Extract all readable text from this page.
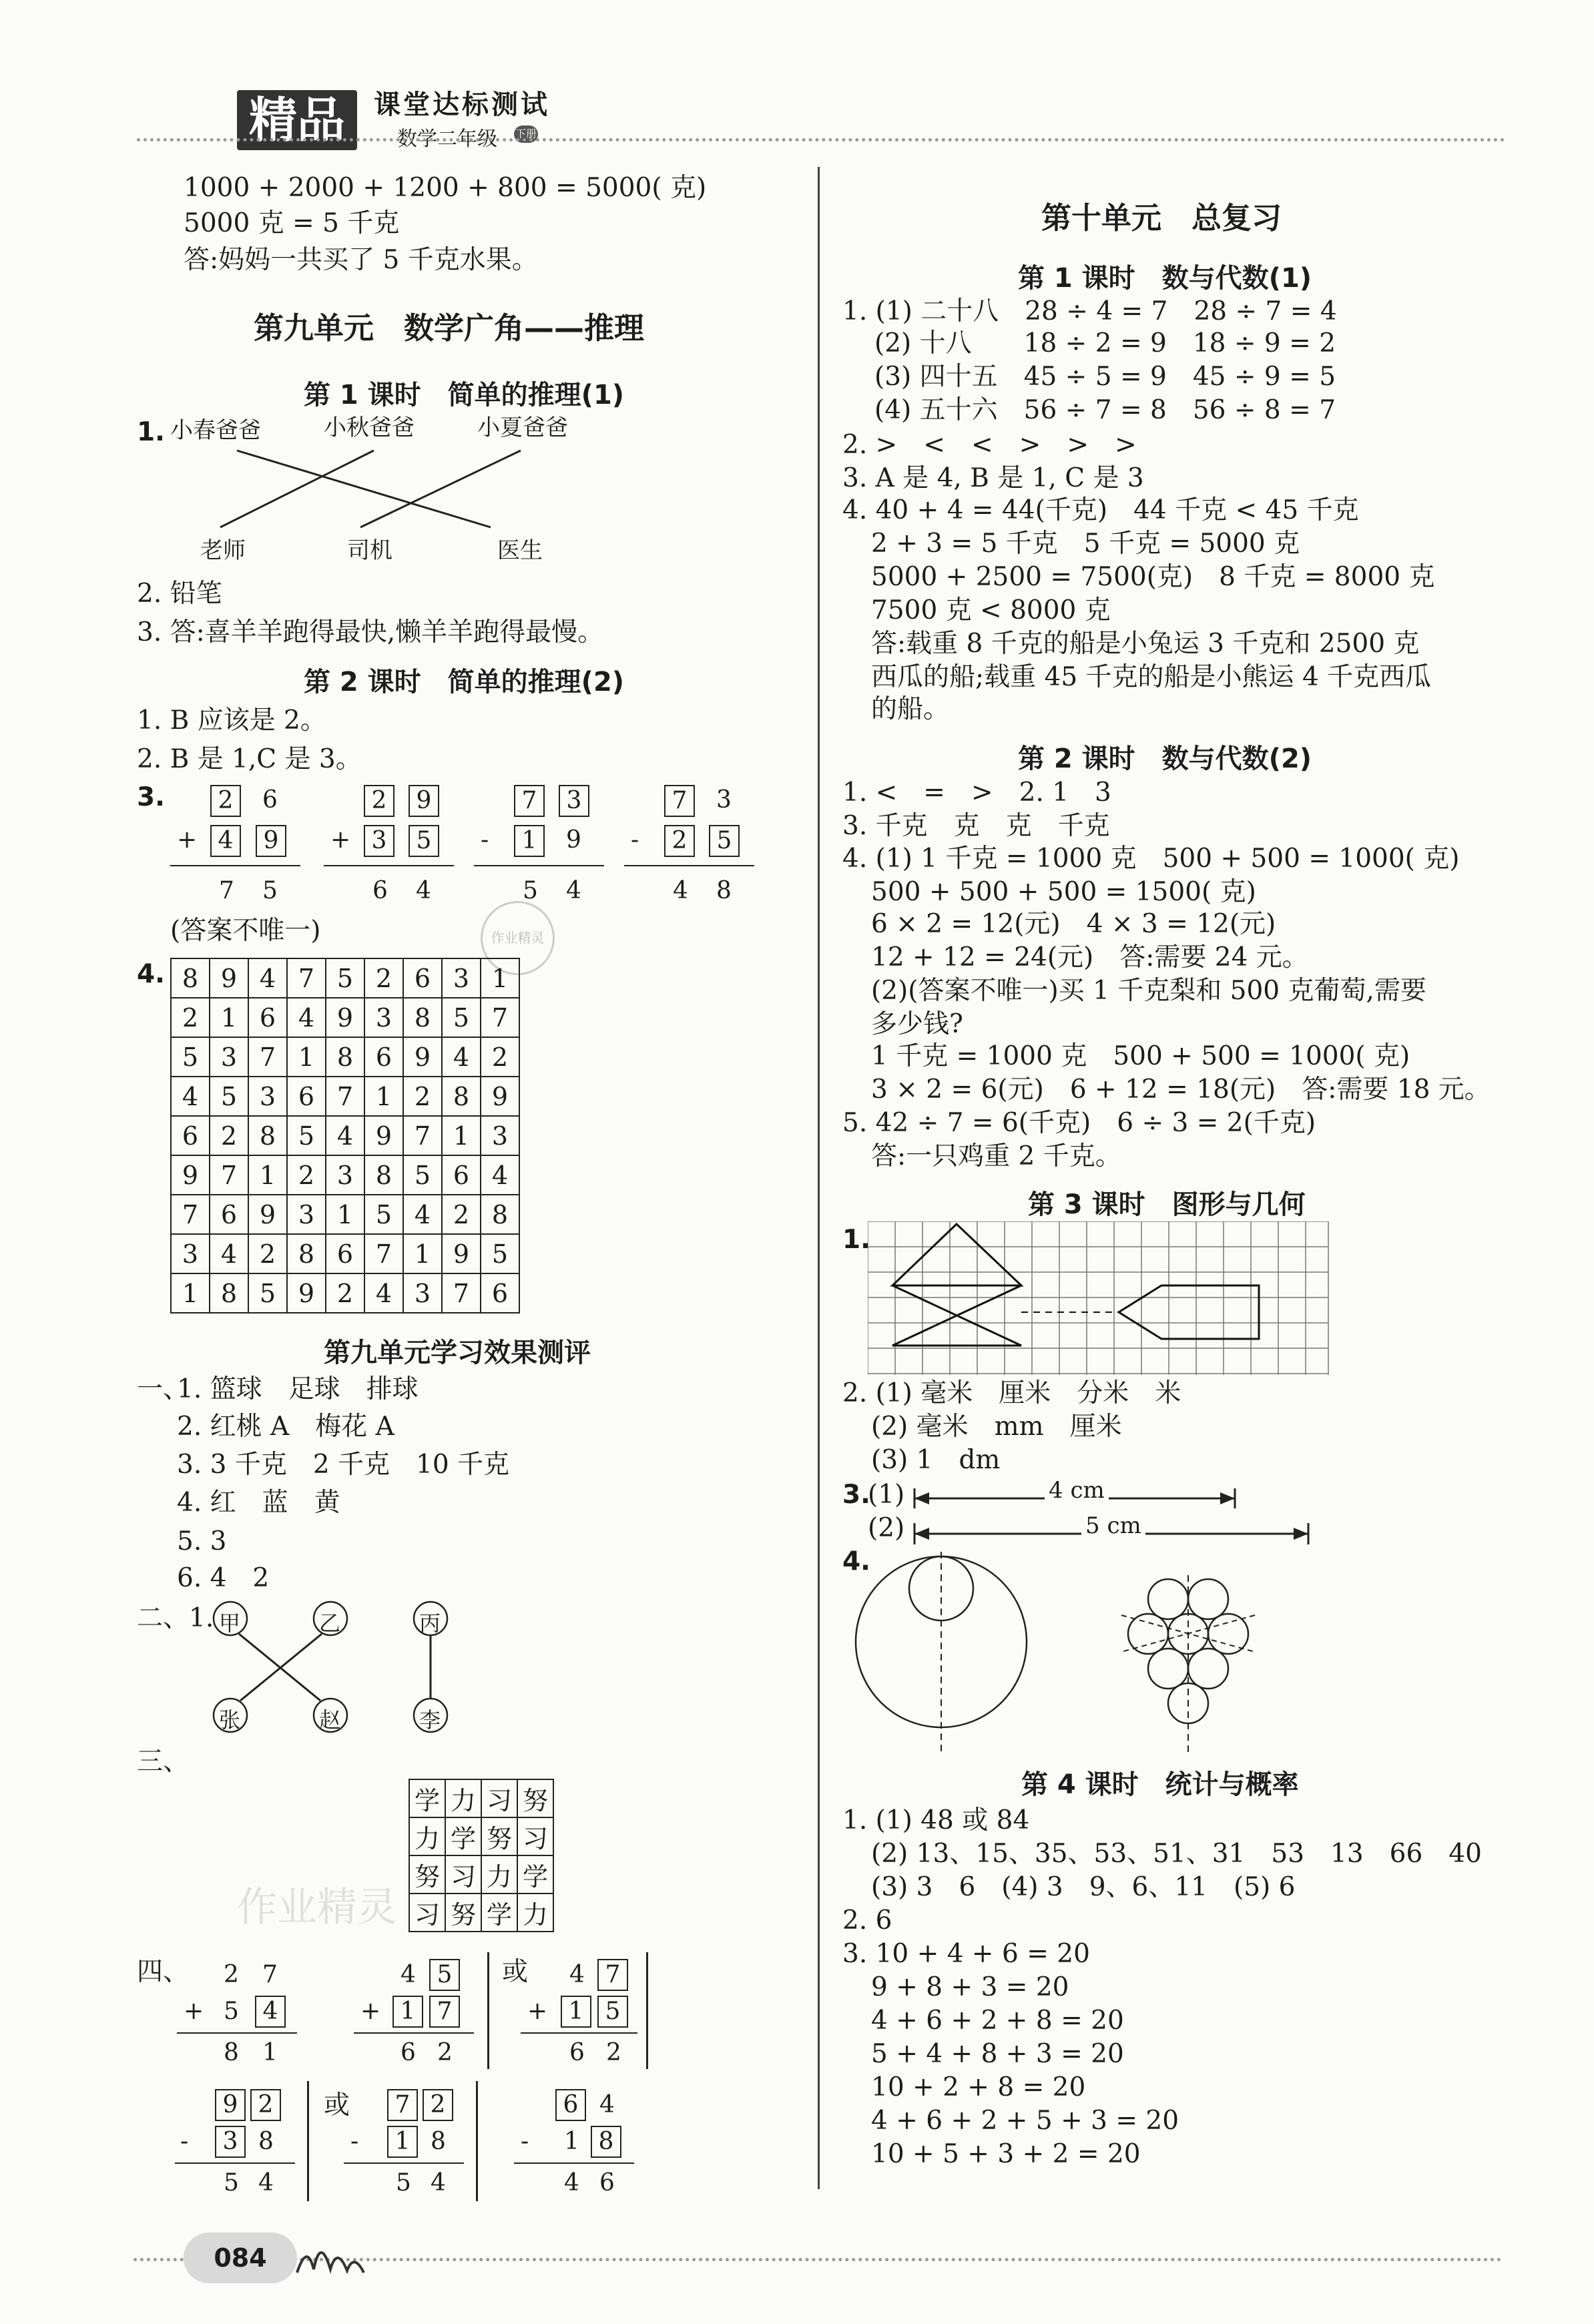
精品	课堂达标测试
数学二年级 下册
1000 + 2000 + 1200 + 800 = 5000( 克)
5000 克 = 5 千克
答:妈妈一共买了 5 千克水果。
第九单元　数学广角——推理
第 1 课时　简单的推理(1)
1. 小春爸爸	小秋爸爸	小夏爸爸
老师	司机	医生
2. 铅笔
3. 答:喜羊羊跑得最快,懒羊羊跑得最慢。
第 2 课时　简单的推理(2)
1. B 应该是 2。
2. B 是 1,C 是 3。
3.	2	6
+ 4	9
7 5
2	9
+ 3	5
6 4
7	3
-	1	9
5 4
7	3
-	2	5
4 8
(答案不唯一)	作业精灵
4. 8	9	4	7	5	2	6	3	1
2	1	6	4	9	3	8	5	7
5	3	7	1	8	6	9	4	2
4	5	3	6	7	1	2	8	9
6	2	8	5	4	9	7	1	3
9	7	1	2	3	8	5	6	4
7	6	9	3	1	5	4	2	8
3	4	2	8	6	7	1	9	5
1	8	5	9	2	4	3	7	6
第九单元学习效果测评
一、
1. 篮球　足球　排球
2. 红桃 A　梅花 A
3. 3 千克　2 千克　10 千克
4. 红　蓝　黄
5. 3
6. 4　2
二、1. 甲	乙	丙
张	赵	李
三、
学	力	习	努
力	学	努	习
努	习	力	学
习	努	学	力
作业精灵
四、 2 7
+ 5 4
8 1
4 5
+ 1 7
6 2
或 4 7
+ 1 5
6 2
9 2
-	3 8
5 4
或	7 2
-	1 8
5 4
6 4
- 1 8
4 6
第十单元　总复习
第 1 课时　数与代数(1)
1. (1) 二十八　28 ÷ 4 = 7　28 ÷ 7 = 4
(2) 十八　　18 ÷ 2 = 9　18 ÷ 9 = 2
(3) 四十五　45 ÷ 5 = 9　45 ÷ 9 = 5
(4) 五十六　56 ÷ 7 = 8　56 ÷ 8 = 7
2. >　<　<　>　>　>
3. A 是 4, B 是 1, C 是 3
4. 40 + 4 = 44(千克)　44 千克 < 45 千克
2 + 3 = 5 千克　5 千克 = 5000 克
5000 + 2500 = 7500(克)　8 千克 = 8000 克
7500 克 < 8000 克
答:载重 8 千克的船是小兔运 3 千克和 2500 克
西瓜的船;载重 45 千克的船是小熊运 4 千克西瓜
的船。
第 2 课时　数与代数(2)
1. <　=　>　2. 1　3
3. 千克　克　克　千克
4. (1) 1 千克 = 1000 克　500 + 500 = 1000( 克)
500 + 500 + 500 = 1500( 克)
6 × 2 = 12(元)　4 × 3 = 12(元)
12 + 12 = 24(元)　答:需要 24 元。
(2)(答案不唯一)买 1 千克梨和 500 克葡萄,需要
多少钱?
1 千克 = 1000 克　500 + 500 = 1000( 克)
3 × 2 = 6(元)　6 + 12 = 18(元)　答:需要 18 元。
5. 42 ÷ 7 = 6(千克)　6 ÷ 3 = 2(千克)
答:一只鸡重 2 千克。
第 3 课时　图形与几何
1.
2. (1) 毫米　厘米　分米　米
(2) 毫米　mm　厘米
(3) 1　dm
3.
(1)
(2)
4 cm
5 cm
4.
第 4 课时　统计与概率
1. (1) 48 或 84
(2) 13、15、35、53、51、31　53　13　66　40
(3) 3　6　(4) 3　9、6、11　(5) 6
2. 6
3. 10 + 4 + 6 = 20
9 + 8 + 3 = 20
4 + 6 + 2 + 8 = 20
5 + 4 + 8 + 3 = 20
10 + 2 + 8 = 20
4 + 6 + 2 + 5 + 3 = 20
10 + 5 + 3 + 2 = 20
084
